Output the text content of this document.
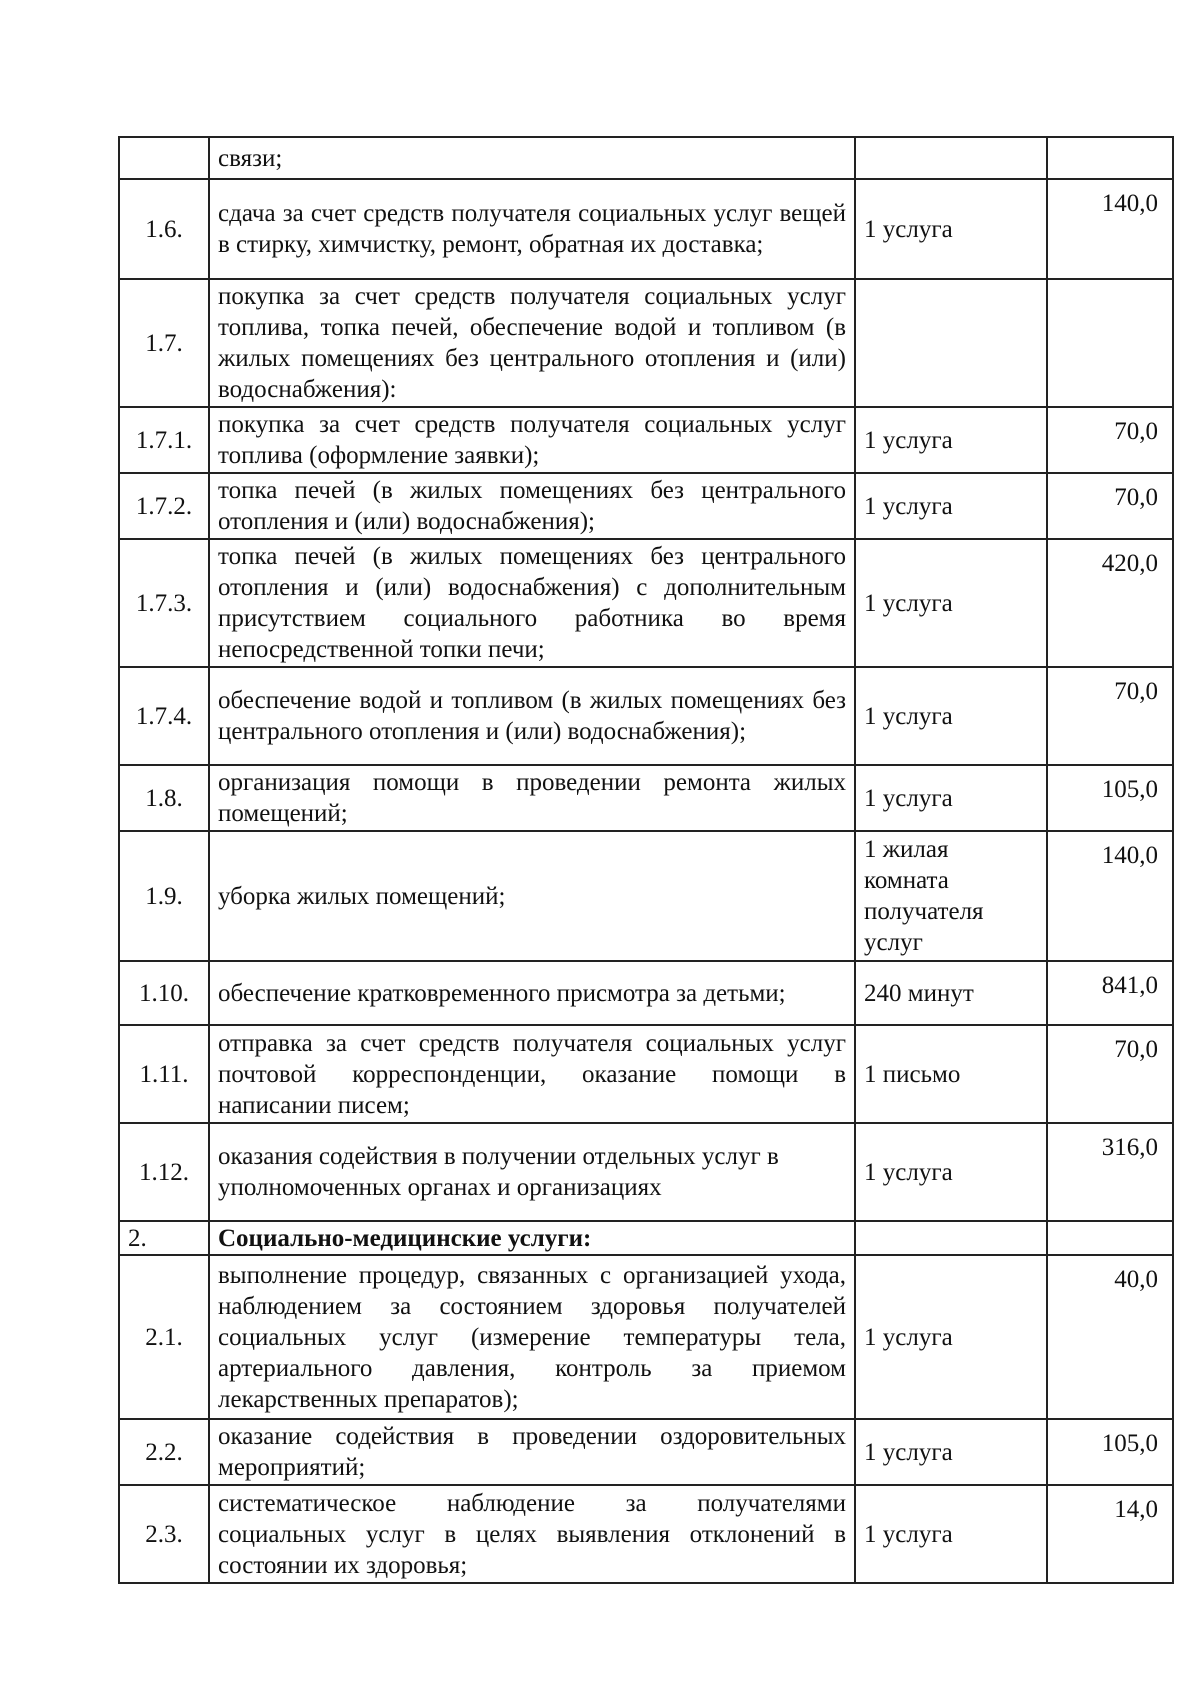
	связи;		
1.6.	сдача за счет средств получателя социальных услуг вещей в стирку, химчистку, ремонт, обратная их доставка;	1 услуга	140,0
1.7.	покупка за счет средств получателя социальных услуг топлива, топка печей, обеспечение водой и топливом (в жилых помещениях без центрального отопления и (или) водоснабжения):		
1.7.1.	покупка за счет средств получателя социальных услуг топлива (оформление заявки);	1 услуга	70,0
1.7.2.	топка печей (в жилых помещениях без центрального отопления и (или) водоснабжения);	1 услуга	70,0
1.7.3.	топка печей (в жилых помещениях без центрального отопления и (или) водоснабжения) с дополнительным присутствием социального работника во время непосредственной топки печи;	1 услуга	420,0
1.7.4.	обеспечение водой и топливом (в жилых помещениях без центрального отопления и (или) водоснабжения);	1 услуга	70,0
1.8.	организация помощи в проведении ремонта жилых помещений;	1 услуга	105,0
1.9.	уборка жилых помещений;	1 жилая комната получателя услуг	140,0
1.10.	обеспечение кратковременного присмотра за детьми;	240 минут	841,0
1.11.	отправка за счет средств получателя социальных услуг почтовой корреспонденции, оказание помощи в написании писем;	1 письмо	70,0
1.12.	оказания содействия в получении отдельных услуг в уполномоченных органах и организациях	1 услуга	316,0
2.	Социально-медицинские услуги:		
2.1.	выполнение процедур, связанных с организацией ухода, наблюдением за состоянием здоровья получателей социальных услуг (измерение температуры тела, артериального давления, контроль за приемом лекарственных препаратов);	1 услуга	40,0
2.2.	оказание содействия в проведении оздоровительных мероприятий;	1 услуга	105,0
2.3.	систематическое наблюдение за получателями социальных услуг в целях выявления отклонений в состоянии их здоровья;	1 услуга	14,0
